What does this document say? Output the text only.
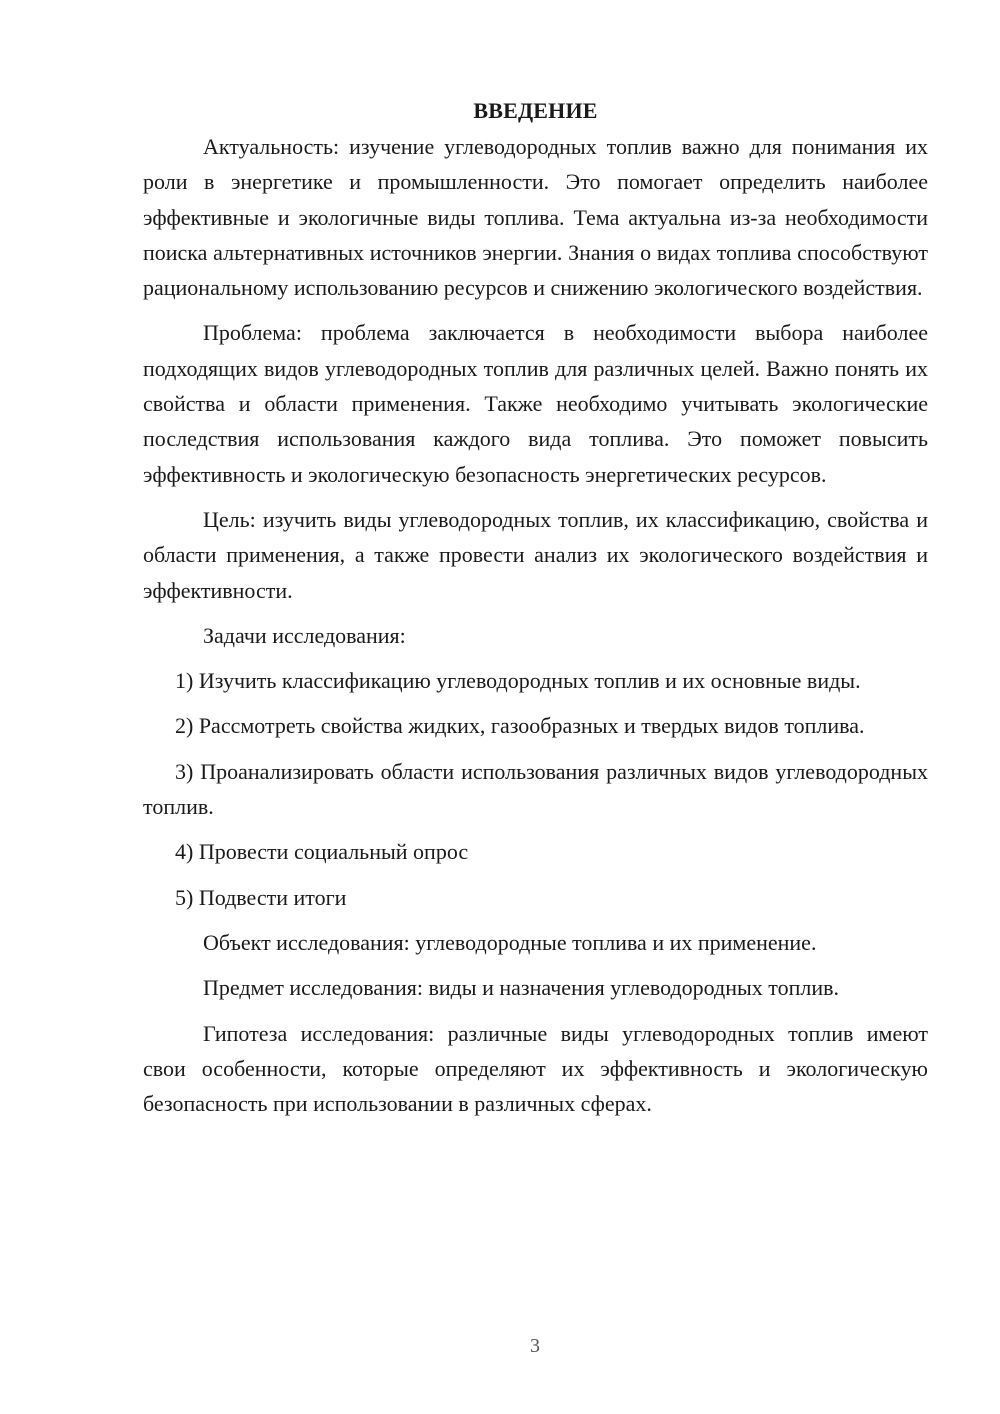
ВВЕДЕНИЕ

Актуальность: изучение углеводородных топлив важно для понимания их роли в энергетике и промышленности. Это помогает определить наиболее эффективные и экологичные виды топлива. Тема актуальна из-за необходимости поиска альтернативных источников энергии. Знания о видах топлива способствуют рациональному использованию ресурсов и снижению экологического воздействия.

Проблема: проблема заключается в необходимости выбора наиболее подходящих видов углеводородных топлив для различных целей. Важно понять их свойства и области применения. Также необходимо учитывать экологические последствия использования каждого вида топлива. Это поможет повысить эффективность и экологическую безопасность энергетических ресурсов.

Цель: изучить виды углеводородных топлив, их классификацию, свойства и области применения, а также провести анализ их экологического воздействия и эффективности.

Задачи исследования:

1) Изучить классификацию углеводородных топлив и их основные виды.

2) Рассмотреть свойства жидких, газообразных и твердых видов топлива.

3) Проанализировать области использования различных видов углеводородных топлив.

4) Провести социальный опрос

5) Подвести итоги

Объект исследования: углеводородные топлива и их применение.

Предмет исследования: виды и назначения углеводородных топлив.

Гипотеза исследования: различные виды углеводородных топлив имеют свои особенности, которые определяют их эффективность и экологическую безопасность при использовании в различных сферах.

3
